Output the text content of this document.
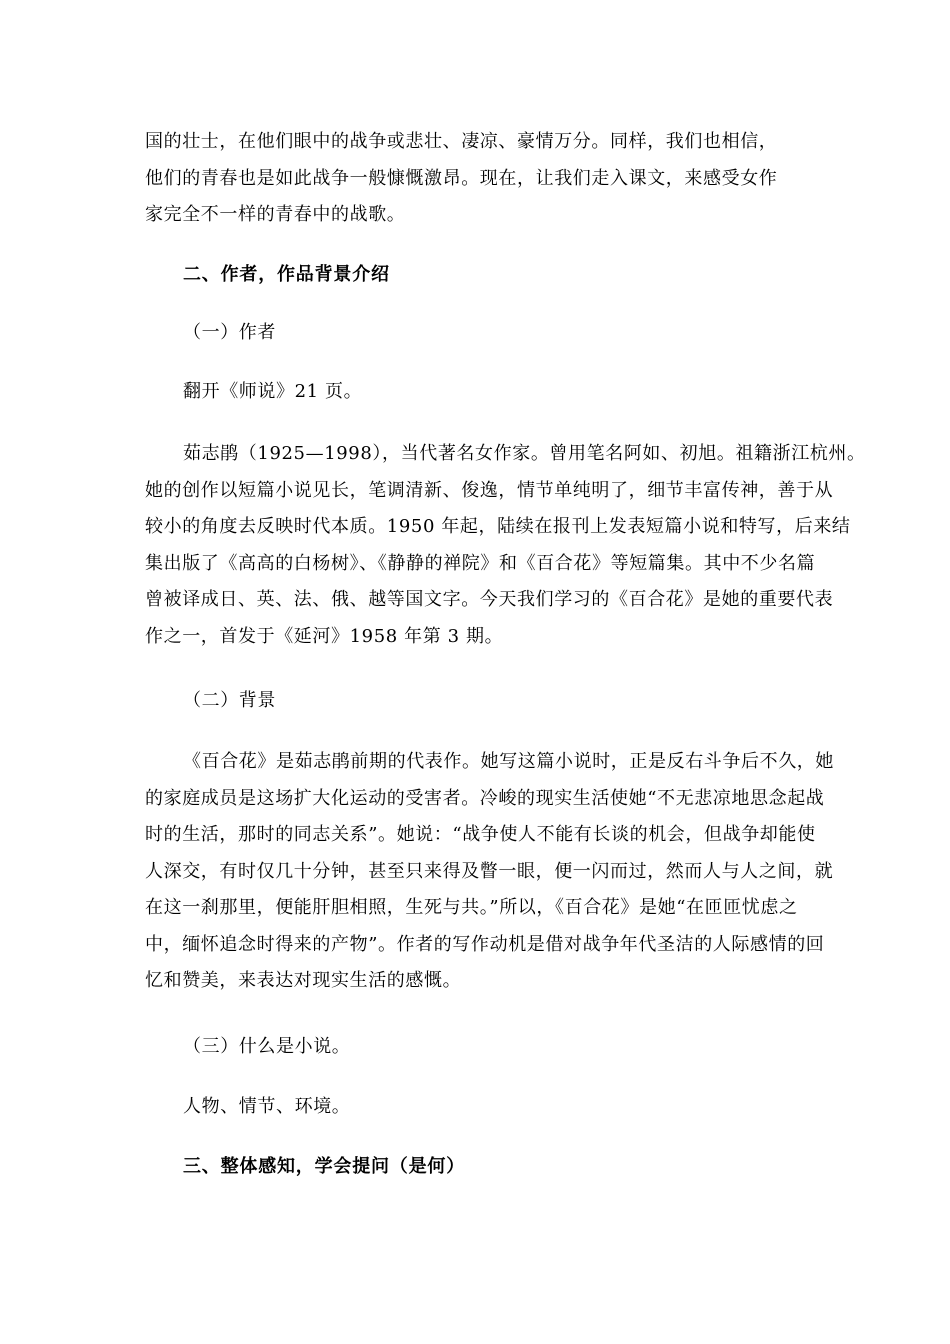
国的壮士，在他们眼中的战争或悲壮、凄凉、豪情万分。同样，我们也相信，
他们的青春也是如此战争一般慷慨激昂。现在，让我们走入课文，来感受女作
家完全不一样的青春中的战歌。
二、作者，作品背景介绍
（一）作者
翻开《师说》21 页。
茹志鹃（1925—1998），当代著名女作家。曾用笔名阿如、初旭。祖籍浙江杭州。
她的创作以短篇小说见长，笔调清新、俊逸，情节单纯明了，细节丰富传神，善于从
较小的角度去反映时代本质。1950 年起，陆续在报刊上发表短篇小说和特写，后来结
集出版了《高高的白杨树》、《静静的禅院》和《百合花》等短篇集。其中不少名篇
曾被译成日、英、法、俄、越等国文字。今天我们学习的《百合花》是她的重要代表
作之一，首发于《延河》1958 年第 3 期。
（二）背景
《百合花》是茹志鹃前期的代表作。她写这篇小说时，正是反右斗争后不久，她
的家庭成员是这场扩大化运动的受害者。冷峻的现实生活使她“不无悲凉地思念起战
时的生活，那时的同志关系”。她说：“战争使人不能有长谈的机会，但战争却能使
人深交，有时仅几十分钟，甚至只来得及瞥一眼，便一闪而过，然而人与人之间，就
在这一刹那里，便能肝胆相照，生死与共。”所以，《百合花》是她“在匝匝忧虑之
中，缅怀追念时得来的产物”。作者的写作动机是借对战争年代圣洁的人际感情的回
忆和赞美，来表达对现实生活的感慨。
（三）什么是小说。
人物、情节、环境。
三、整体感知，学会提问（是何）
